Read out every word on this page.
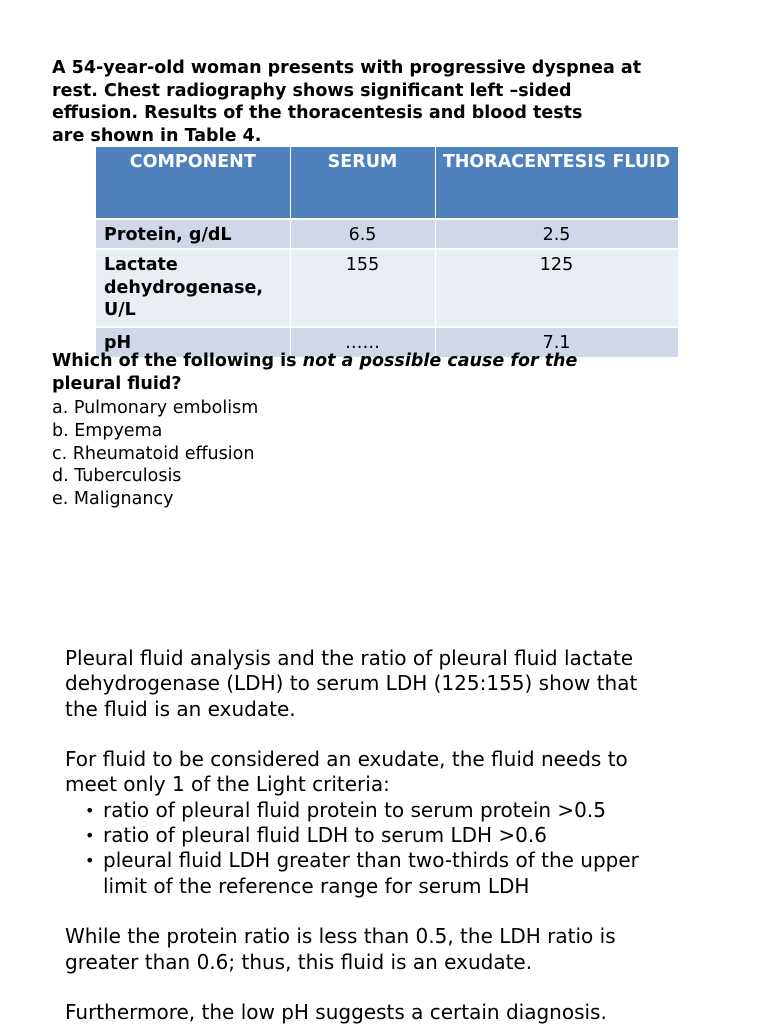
A 54-year-old woman presents with progressive dyspnea at
rest. Chest radiography shows significant left –sided
effusion. Results of the thoracentesis and blood tests
are shown in Table 4.
COMPONENT	SERUM	THORACENTESIS FLUID
Protein, g/dL	6.5	2.5
Lactate dehydrogenase, U/L	155	125
pH	……	7.1
Which of the following is not a possible cause for the
pleural fluid?
a. Pulmonary embolism
b. Empyema
c. Rheumatoid effusion
d. Tuberculosis
e. Malignancy

Pleural fluid analysis and the ratio of pleural fluid lactate

dehydrogenase (LDH) to serum LDH (125:155) show that

the fluid is an exudate.

For fluid to be considered an exudate, the fluid needs to

meet only 1 of the Light criteria:

• ratio of pleural fluid protein to serum protein >0.5
• ratio of pleural fluid LDH to serum LDH >0.6
• pleural fluid LDH greater than two-thirds of the upper
limit of the reference range for serum LDH

While the protein ratio is less than 0.5, the LDH ratio is

greater than 0.6; thus, this fluid is an exudate.

Furthermore, the low pH suggests a certain diagnosis.
